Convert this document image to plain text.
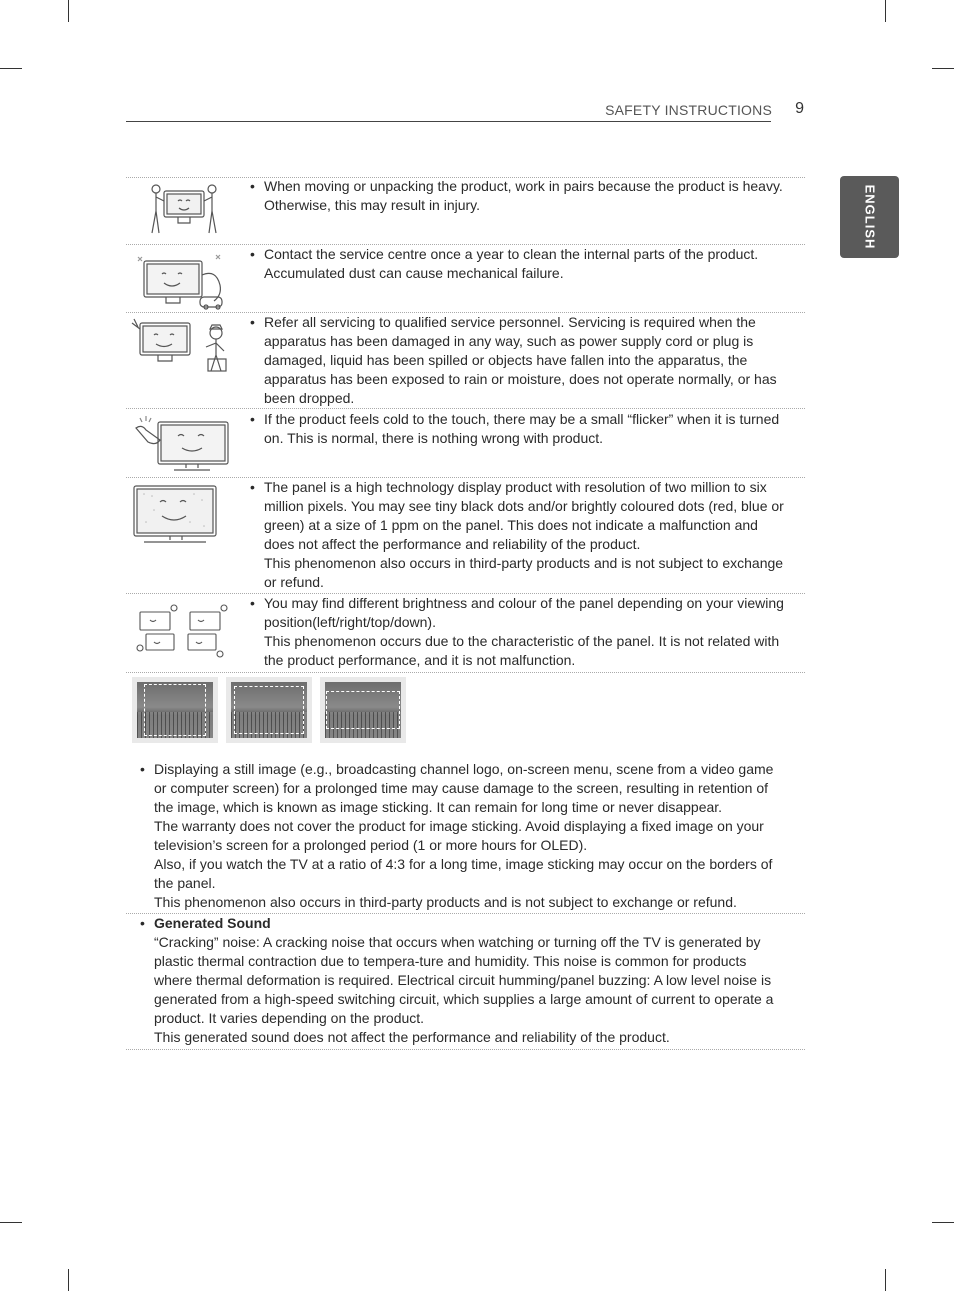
SAFETY INSTRUCTIONS 9
ENGLISH
• When moving or unpacking the product, work in pairs because the product is heavy.

Otherwise, this may result in injury.

• Contact the service centre once a year to clean the internal parts of the product. Accumulated dust can cause mechanical failure.

• Refer all servicing to qualified service personnel. Servicing is required when the apparatus has been damaged in any way, such as power supply cord or plug is damaged, liquid has been spilled or objects have fallen into the apparatus, the apparatus has been exposed to rain or moisture, does not operate normally, or has been dropped.

• If the product feels cold to the touch, there may be a small “flicker” when it is turned on. This is normal, there is nothing wrong with product.

• The panel is a high technology display product with resolution of two million to six million pixels. You may see tiny black dots and/or brightly coloured dots (red, blue or green) at a size of 1 ppm on the panel. This does not indicate a malfunction and does not affect the performance and reliability of the product.

This phenomenon also occurs in third-party products and is not subject to exchange or refund.

• You may find different brightness and colour of the panel depending on your viewing position(left/right/top/down).

This phenomenon occurs due to the characteristic of the panel. It is not related with the product performance, and it is not malfunction.

• Displaying a still image (e.g., broadcasting channel logo, on-screen menu, scene from a video game or computer screen) for a prolonged time may cause damage to the screen, resulting in retention of the image, which is known as image sticking. It can remain for long time or never disappear.

The warranty does not cover the product for image sticking. Avoid displaying a fixed image on your television’s screen for a prolonged period (1 or more hours for OLED).

Also, if you watch the TV at a ratio of 4:3 for a long time, image sticking may occur on the borders of the panel.

This phenomenon also occurs in third-party products and is not subject to exchange or refund.

• Generated Sound

“Cracking” noise: A cracking noise that occurs when watching or turning off the TV is generated by plastic thermal contraction due to tempera-ture and humidity. This noise is common for products where thermal deformation is required. Electrical circuit humming/panel buzzing: A low level noise is generated from a high-speed switching circuit, which supplies a large amount of current to operate a product. It varies depending on the product.

This generated sound does not affect the performance and reliability of the product.
